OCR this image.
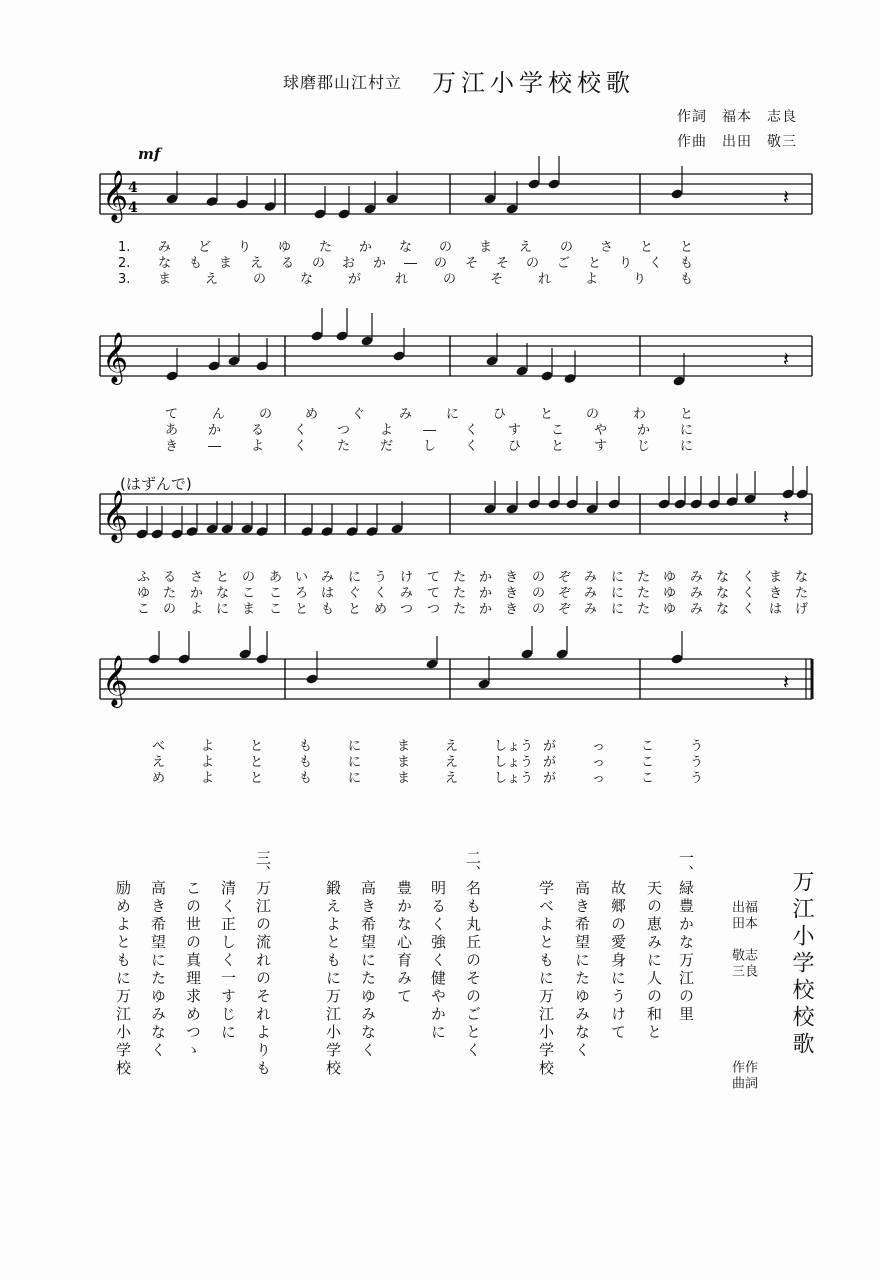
球磨郡山江村立 万江小学校校歌
作詞　福本　志良
作曲　出田　敬三
mf
(はずんで)
𝄞 4
4	𝄽
𝄞	𝄽
𝄞	𝄽
𝄞	𝄽
1. み ど り ゆ た か な の ま え の さ と と
2. な も ま え る の お か ― の そ そ の ご と り く も
3. ま	え	の	な	が	れ	の	そ	れ	よ	り	も
て	ん	の	め	ぐ	み	に	ひ	と	の	わ	と
あ か る く つ よ ― く す こ や か に
き ― よ く た だ し く ひ と す じ に
ふ る さ と の あ い み に う け て た か き の ぞ み に た ゆ み な く ま な
ゆ た か な こ こ ろ は ぐ く み て た か き の ぞ み に た ゆ み な く き た
こ の よ に ま こ と も と め つ つ た か き の ぞ み に た ゆ み な く は げ
べ	よ	と	も	に	ま	え	しょう が	っ	こ	う
え	よ	と	も	に	ま	え	しょう が	っ	こ	う
め	よ	と	も	に	ま	え	しょう が	っ	こ	う
万江小学校校歌
福本　志良
出田　敬三
作詞
作曲
一、
緑豊かな万江の里
天の恵みに人の和と
故郷の愛身にうけて
高き希望にたゆみなく
学べよともに万江小学校
二、
名も丸丘のそのごとく
明るく強く健やかに
豊かな心育みて
高き希望にたゆみなく
鍛えよともに万江小学校
三、
万江の流れのそれよりも
清く正しく一すじに
この世の真理求めつゝ
高き希望にたゆみなく
励めよともに万江小学校
